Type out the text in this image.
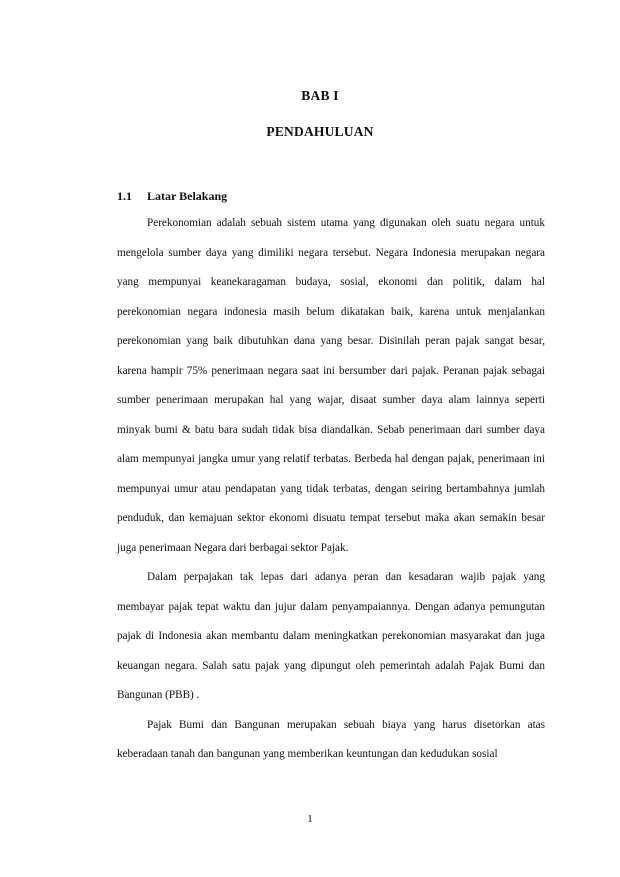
BAB I
PENDAHULUAN
1.1 Latar Belakang

Perekonomian adalah sebuah sistem utama yang digunakan oleh suatu negara untuk mengelola sumber daya yang dimiliki negara tersebut. Negara Indonesia merupakan negara yang mempunyai keanekaragaman budaya, sosial, ekonomi dan politik, dalam hal perekonomian negara indonesia masih belum dikatakan baik, karena untuk menjalankan perekonomian yang baik dibutuhkan dana yang besar. Disinilah peran pajak sangat besar, karena hampir 75% penerimaan negara saat ini bersumber dari pajak. Peranan pajak sebagai sumber penerimaan merupakan hal yang wajar, disaat sumber daya alam lainnya seperti minyak bumi & batu bara sudah tidak bisa diandalkan. Sebab penerimaan dari sumber daya alam mempunyai jangka umur yang relatif terbatas. Berbeda hal dengan pajak, penerimaan ini mempunyai umur atau pendapatan yang tidak terbatas, dengan seiring bertambahnya jumlah penduduk, dan kemajuan sektor ekonomi disuatu tempat tersebut maka akan semakin besar juga penerimaan Negara dari berbagai sektor Pajak.

Dalam perpajakan tak lepas dari adanya peran dan kesadaran wajib pajak yang membayar pajak tepat waktu dan jujur dalam penyampaiannya. Dengan adanya pemungutan pajak di Indonesia akan membantu dalam meningkatkan perekonomian masyarakat dan juga keuangan negara. Salah satu pajak yang dipungut oleh pemerintah adalah Pajak Bumi dan Bangunan (PBB) .

Pajak Bumi dan Bangunan merupakan sebuah biaya yang harus disetorkan atas keberadaan tanah dan bangunan yang memberikan keuntungan dan kedudukan sosial

1
